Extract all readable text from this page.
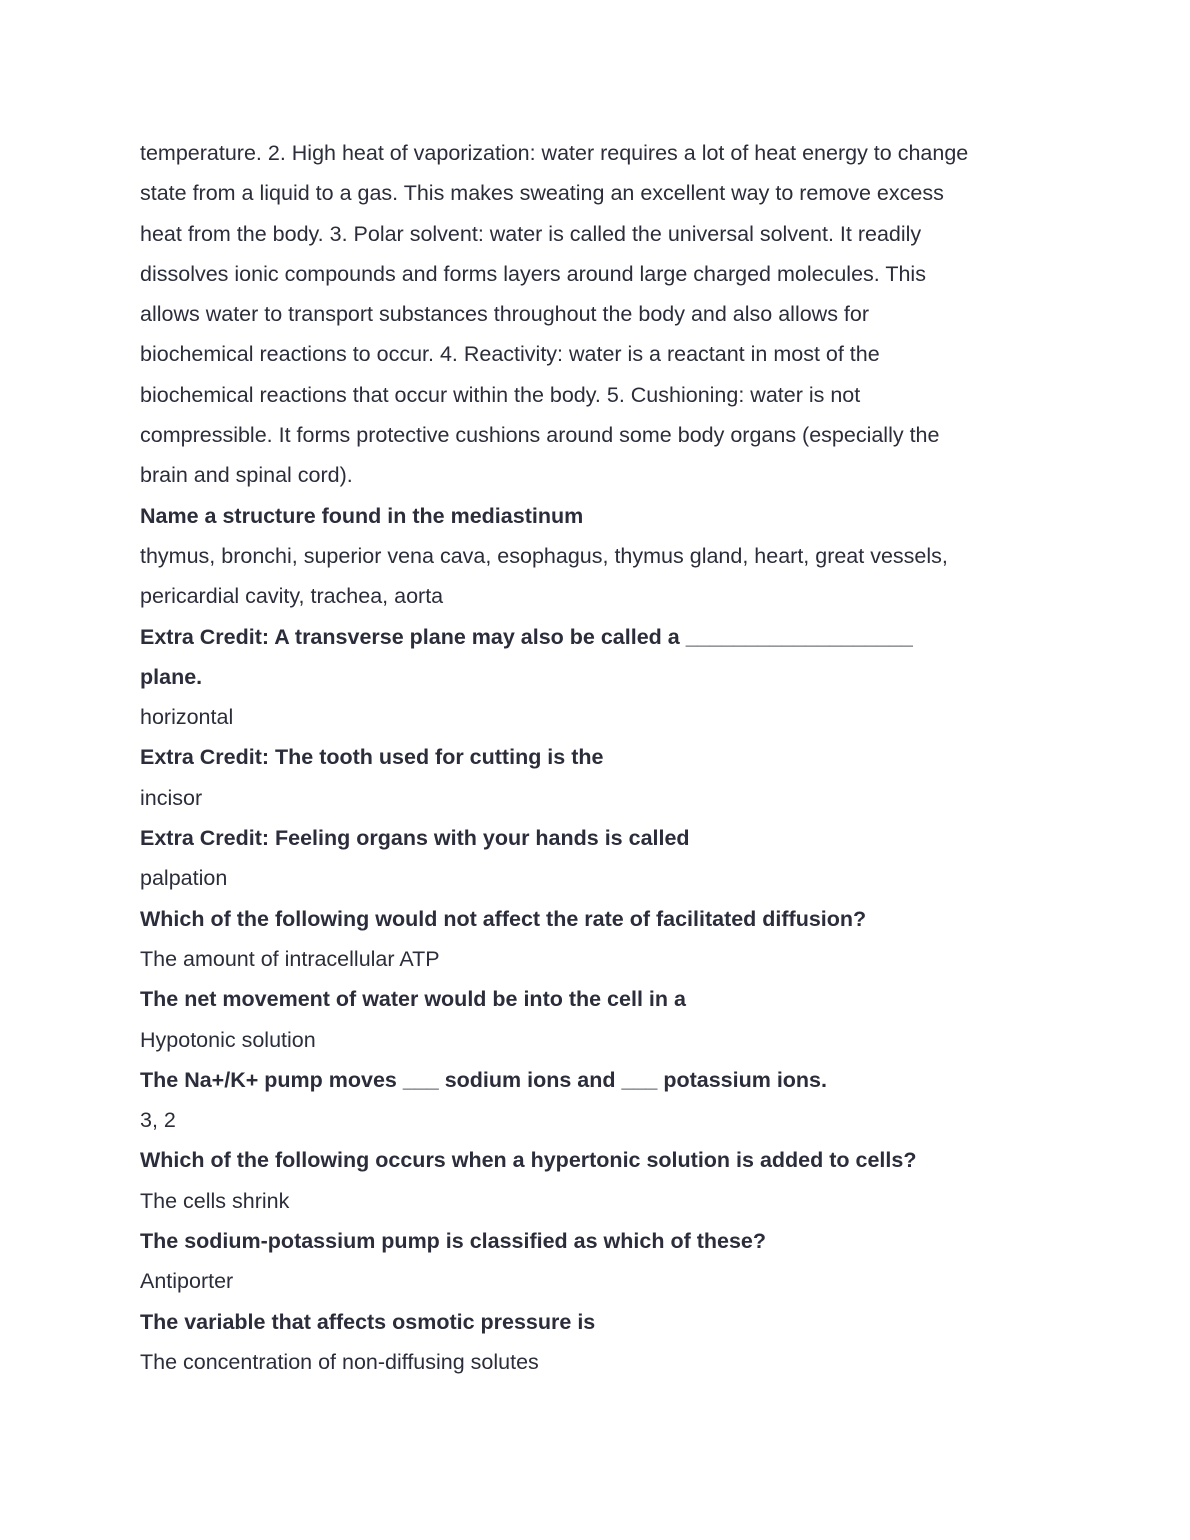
temperature. 2. High heat of vaporization: water requires a lot of heat energy to change
state from a liquid to a gas. This makes sweating an excellent way to remove excess
heat from the body. 3. Polar solvent: water is called the universal solvent. It readily
dissolves ionic compounds and forms layers around large charged molecules. This
allows water to transport substances throughout the body and also allows for
biochemical reactions to occur. 4. Reactivity: water is a reactant in most of the
biochemical reactions that occur within the body. 5. Cushioning: water is not
compressible. It forms protective cushions around some body organs (especially the
brain and spinal cord).
Name a structure found in the mediastinum
thymus, bronchi, superior vena cava, esophagus, thymus gland, heart, great vessels,
pericardial cavity, trachea, aorta
Extra Credit: A transverse plane may also be called a ___________________
plane.
horizontal
Extra Credit: The tooth used for cutting is the
incisor
Extra Credit: Feeling organs with your hands is called
palpation
Which of the following would not affect the rate of facilitated diffusion?
The amount of intracellular ATP
The net movement of water would be into the cell in a
Hypotonic solution
The Na+/K+ pump moves ___ sodium ions and ___ potassium ions.
3, 2
Which of the following occurs when a hypertonic solution is added to cells?
The cells shrink
The sodium-potassium pump is classified as which of these?
Antiporter
The variable that affects osmotic pressure is
The concentration of non-diffusing solutes
